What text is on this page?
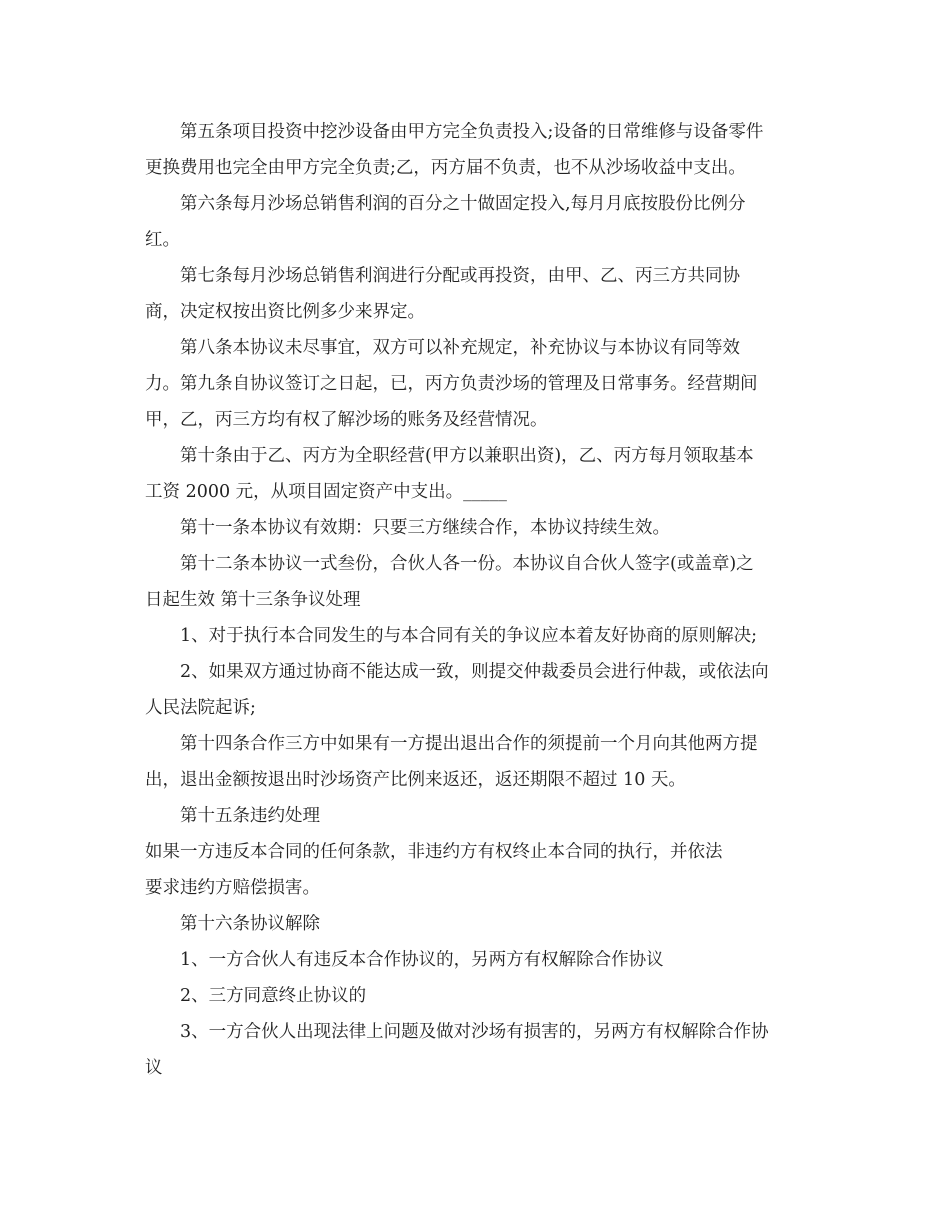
第五条项目投资中挖沙设备由甲方完全负责投入;设备的日常维修与设备零件
更换费用也完全由甲方完全负责;乙，丙方届不负责，也不从沙场收益中支出。
第六条每月沙场总销售利润的百分之十做固定投入,每月月底按股份比例分
红。
第七条每月沙场总销售利润进行分配或再投资，由甲、乙、丙三方共同协
商，决定权按出资比例多少来界定。
第八条本协议未尽事宜，双方可以补充规定，补充协议与本协议有同等效
力。第九条自协议签订之日起，已，丙方负责沙场的管理及日常事务。经营期间
甲，乙，丙三方均有权了解沙场的账务及经营情况。
第十条由于乙、丙方为全职经营(甲方以兼职出资)，乙、丙方每月领取基本
工资 2000 元，从项目固定资产中支出。_____
第十一条本协议有效期：只要三方继续合作，本协议持续生效。
第十二条本协议一式叁份，合伙人各一份。本协议自合伙人签字(或盖章)之
日起生效 第十三条争议处理
1、对于执行本合同发生的与本合同有关的争议应本着友好协商的原则解决;
2、如果双方通过协商不能达成一致，则提交仲裁委员会进行仲裁，或依法向
人民法院起诉;
第十四条合作三方中如果有一方提出退出合作的须提前一个月向其他两方提
出，退出金额按退出时沙场资产比例来返还，返还期限不超过 10 天。
第十五条违约处理
如果一方违反本合同的任何条款，非违约方有权终止本合同的执行，并依法
要求违约方赔偿损害。
第十六条协议解除
1、一方合伙人有违反本合作协议的，另两方有权解除合作协议
2、三方同意终止协议的
3、一方合伙人出现法律上问题及做对沙场有损害的，另两方有权解除合作协
议
